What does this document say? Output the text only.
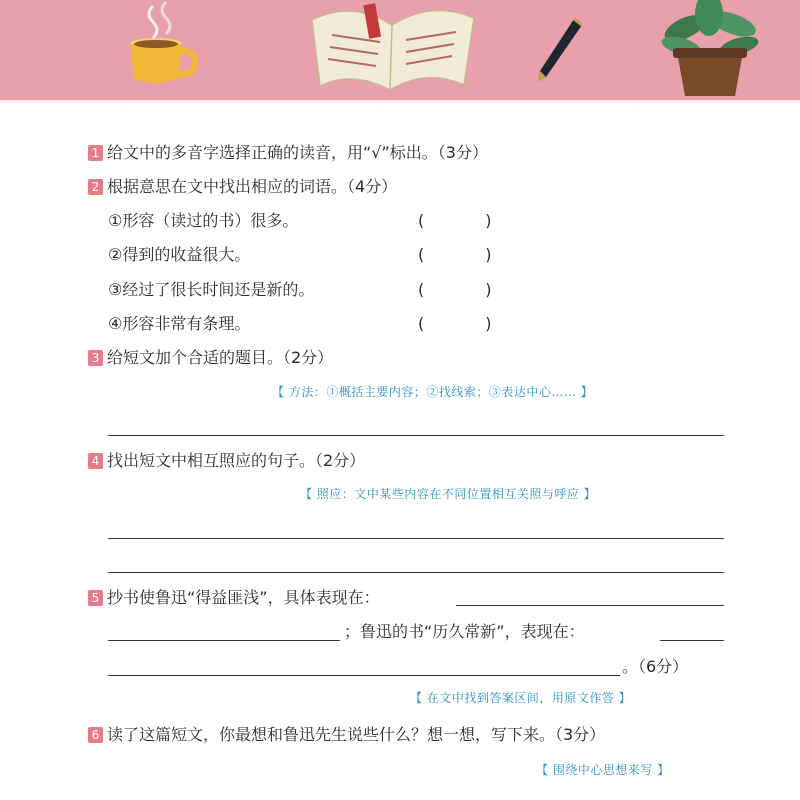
1 给文中的多音字选择正确的读音，用“√”标出。（3分）
2 根据意思在文中找出相应的词语。（4分）
①形容（读过的书）很多。	(            )
②得到的收益很大。	(            )
③经过了很长时间还是新的。	(            )
④形容非常有条理。	(            )
3 给短文加个合适的题目。（2分）
【 方法：①概括主要内容；②找线索；③表达中心…… 】
4 找出短文中相互照应的句子。（2分）
【 照应：文中某些内容在不同位置相互关照与呼应 】
5 抄书使鲁迅“得益匪浅”，具体表现在：
；鲁迅的书“历久常新”，表现在：
。（6分）
【 在文中找到答案区间，用原文作答 】
6 读了这篇短文，你最想和鲁迅先生说些什么？想一想，写下来。（3分）
【 围绕中心思想来写 】
